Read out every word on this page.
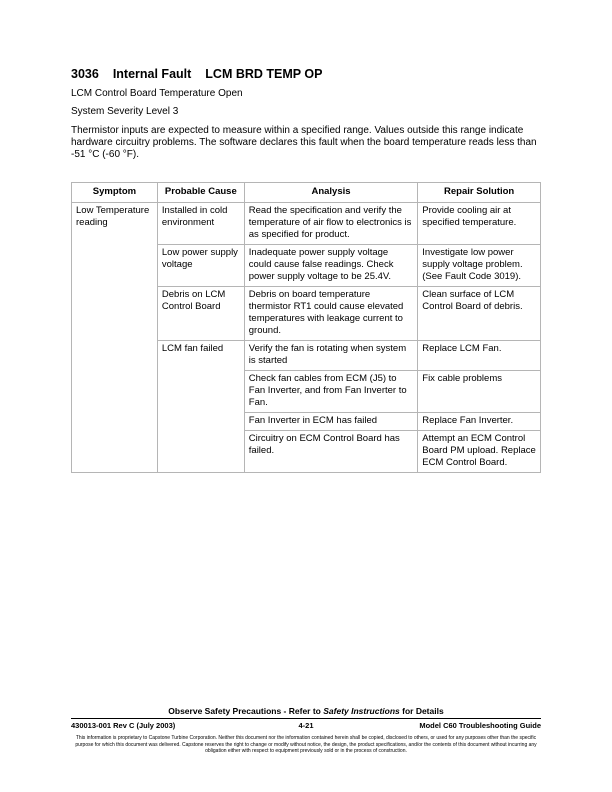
3036 Internal Fault LCM BRD TEMP OP
LCM Control Board Temperature Open
System Severity Level 3
Thermistor inputs are expected to measure within a specified range. Values outside this range indicate hardware circuitry problems. The software declares this fault when the board temperature reads less than -51 °C (-60 °F).
Symptom	Probable Cause	Analysis	Repair Solution
Low Temperature reading	Installed in cold environment	Read the specification and verify the temperature of air flow to electronics is as specified for product.	Provide cooling air at specified temperature.
	Low power supply voltage	Inadequate power supply voltage could cause false readings. Check power supply voltage to be 25.4V.	Investigate low power supply voltage problem. (See Fault Code 3019).
	Debris on LCM Control Board	Debris on board temperature thermistor RT1 could cause elevated temperatures with leakage current to ground.	Clean surface of LCM Control Board of debris.
	LCM fan failed	Verify the fan is rotating when system is started	Replace LCM Fan.
		Check fan cables from ECM (J5) to Fan Inverter, and from Fan Inverter to Fan.	Fix cable problems
		Fan Inverter in ECM has failed	Replace Fan Inverter.
		Circuitry on ECM Control Board has failed.	Attempt an ECM Control Board PM upload. Replace ECM Control Board.
Observe Safety Precautions - Refer to Safety Instructions for Details
430013-001 Rev C (July 2003)	4-21	Model C60 Troubleshooting Guide
This information is proprietary to Capstone Turbine Corporation. Neither this document nor the information contained herein shall be copied, disclosed to others, or used for any purposes other than the specific purpose for which this document was delivered. Capstone reserves the right to change or modify without notice, the design, the product specifications, and/or the contents of this document without incurring any obligation either with respect to equipment previously sold or in the process of construction.
